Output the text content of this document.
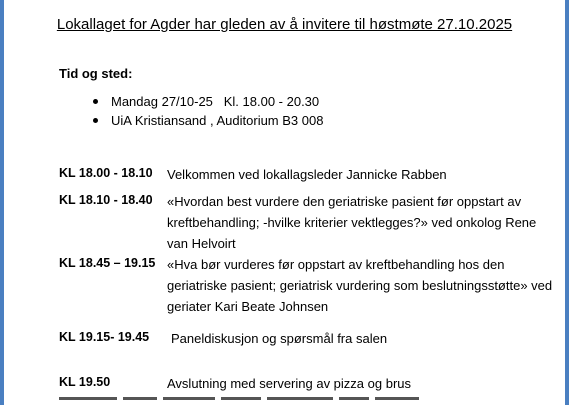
Lokallaget for Agder har gleden av å invitere til høstmøte 27.10.2025
Tid og sted:
Mandag 27/10-25   Kl. 18.00 - 20.30
UiA Kristiansand , Auditorium B3 008
KL 18.00 - 18.10 Velkommen ved lokallagsleder Jannicke Rabben
KL 18.10 - 18.40 «Hvordan best vurdere den geriatriske pasient før oppstart av kreftbehandling; -hvilke kriterier vektlegges?» ved onkolog Rene van Helvoirt
KL 18.45 – 19.15 «Hva bør vurderes før oppstart av kreftbehandling hos den geriatriske pasient; geriatrisk vurdering som beslutningsstøtte» ved geriater Kari Beate Johnsen
KL 19.15- 19.45 Paneldiskusjon og spørsmål fra salen
KL 19.50	Avslutning med servering av pizza og brus
